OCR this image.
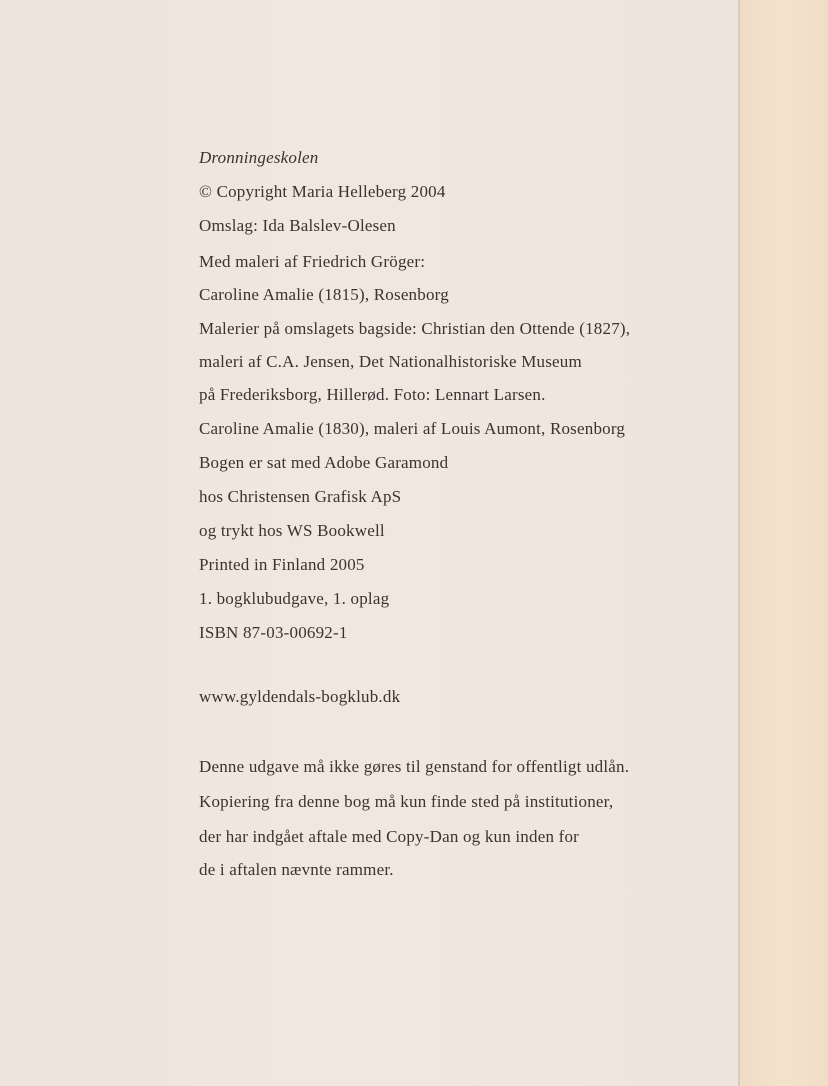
Dronningeskolen
© Copyright Maria Helleberg 2004
Omslag: Ida Balslev-Olesen
Med maleri af Friedrich Gröger:
Caroline Amalie (1815), Rosenborg
Malerier på omslagets bagside: Christian den Ottende (1827),
maleri af C.A. Jensen, Det Nationalhistoriske Museum
på Frederiksborg, Hillerød. Foto: Lennart Larsen.
Caroline Amalie (1830), maleri af Louis Aumont, Rosenborg
Bogen er sat med Adobe Garamond
hos Christensen Grafisk ApS
og trykt hos WS Bookwell
Printed in Finland 2005
1. bogklubudgave, 1. oplag
ISBN 87-03-00692-1
www.gyldendals-bogklub.dk
Denne udgave må ikke gøres til genstand for offentligt udlån.
Kopiering fra denne bog må kun finde sted på institutioner,
der har indgået aftale med Copy-Dan og kun inden for
de i aftalen nævnte rammer.
